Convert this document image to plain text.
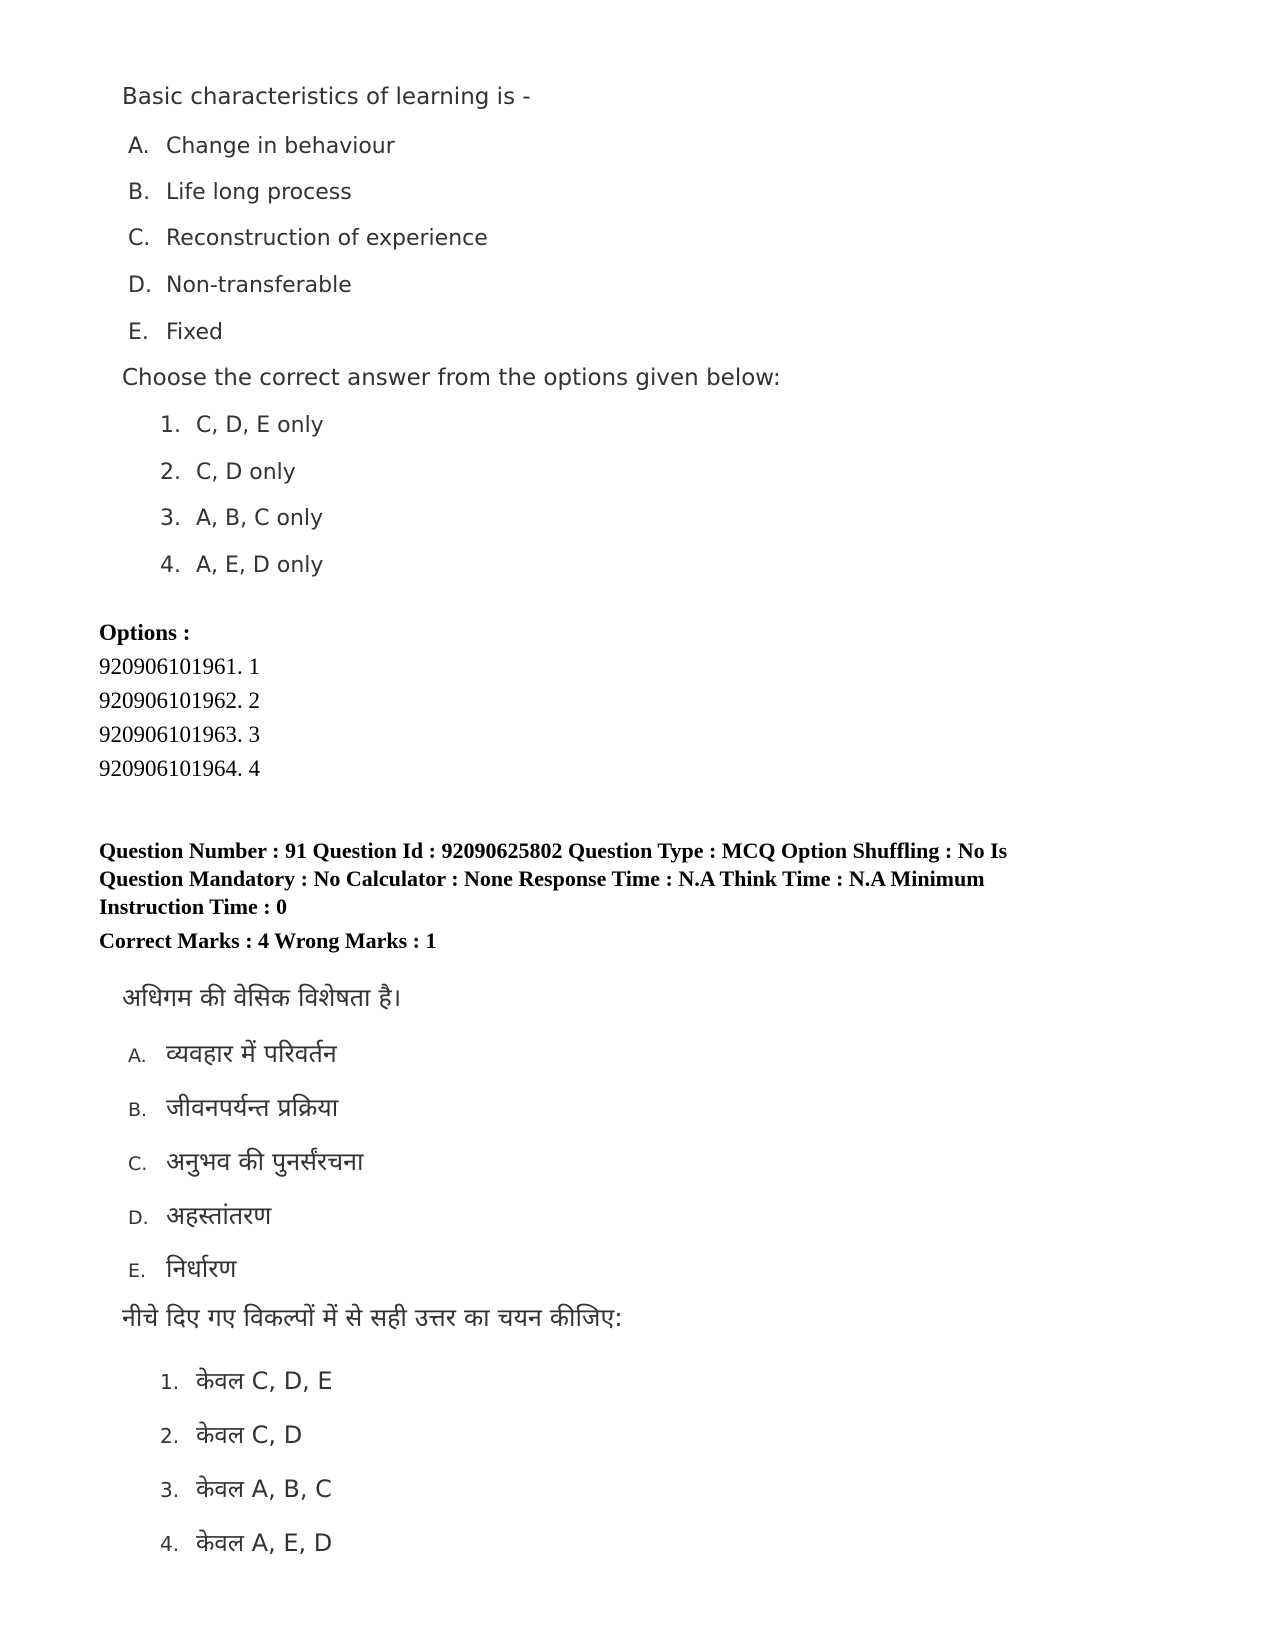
Basic characteristics of learning is -
A. Change in behaviour
B. Life long process
C. Reconstruction of experience
D. Non-transferable
E. Fixed
Choose the correct answer from the options given below:
1. C, D, E only
2. C, D only
3. A, B, C only
4. A, E, D only
Options :
920906101961. 1
920906101962. 2
920906101963. 3
920906101964. 4
Question Number : 91 Question Id : 92090625802 Question Type : MCQ Option Shuffling : No Is
Question Mandatory : No Calculator : None Response Time : N.A Think Time : N.A Minimum
Instruction Time : 0
Correct Marks : 4 Wrong Marks : 1
अधिगम की वेसिक विशेषता है।
A. व्यवहार में परिवर्तन
B. जीवनपर्यन्त प्रक्रिया
C. अनुभव की पुनर्संरचना
D. अहस्तांतरण
E. निर्धारण
नीचे दिए गए विकल्पों में से सही उत्तर का चयन कीजिए:
1. केवल C, D, E
2. केवल C, D
3. केवल A, B, C
4. केवल A, E, D
